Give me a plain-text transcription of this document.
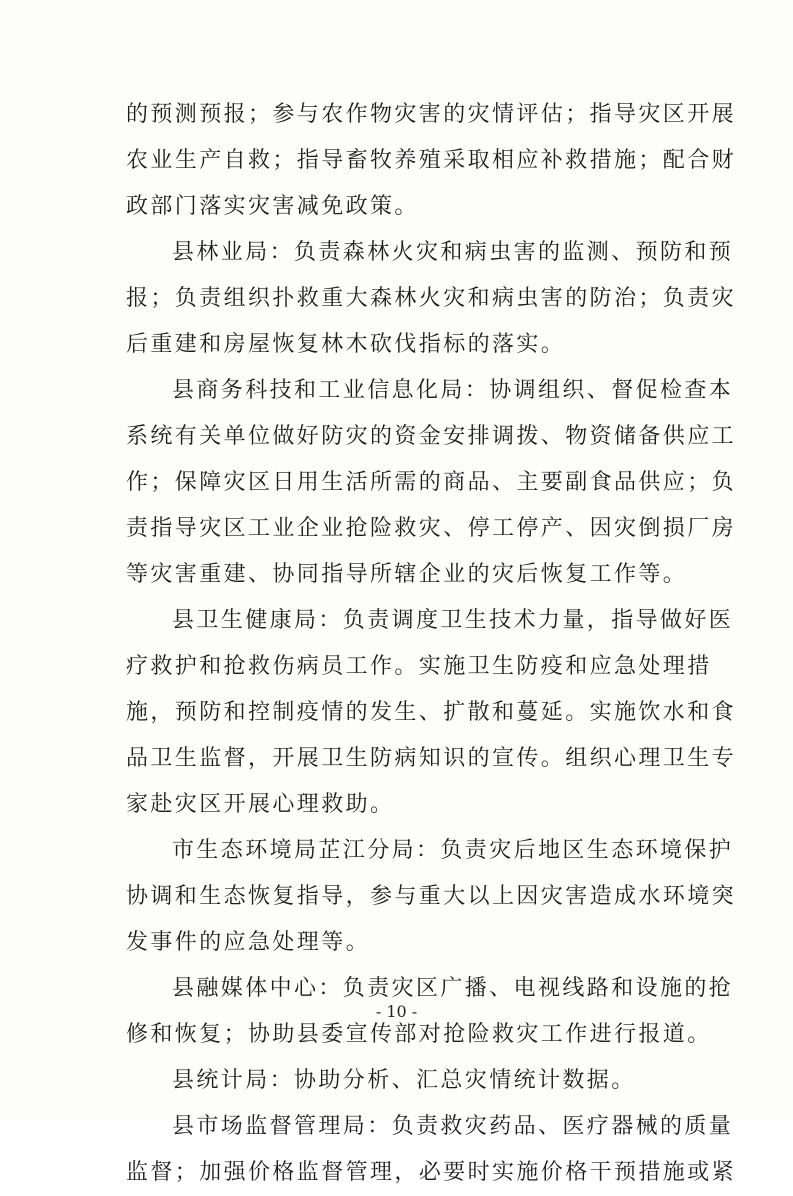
的预测预报；参与农作物灾害的灾情评估；指导灾区开展
农业生产自救；指导畜牧养殖采取相应补救措施；配合财
政部门落实灾害减免政策。
县林业局：负责森林火灾和病虫害的监测、预防和预
报；负责组织扑救重大森林火灾和病虫害的防治；负责灾
后重建和房屋恢复林木砍伐指标的落实。
县商务科技和工业信息化局：协调组织、督促检查本
系统有关单位做好防灾的资金安排调拨、物资储备供应工
作；保障灾区日用生活所需的商品、主要副食品供应；负
责指导灾区工业企业抢险救灾、停工停产、因灾倒损厂房
等灾害重建、协同指导所辖企业的灾后恢复工作等。
县卫生健康局：负责调度卫生技术力量，指导做好医
疗救护和抢救伤病员工作。实施卫生防疫和应急处理措
施，预防和控制疫情的发生、扩散和蔓延。实施饮水和食
品卫生监督，开展卫生防病知识的宣传。组织心理卫生专
家赴灾区开展心理救助。
市生态环境局芷江分局：负责灾后地区生态环境保护
协调和生态恢复指导，参与重大以上因灾害造成水环境突
发事件的应急处理等。
县融媒体中心：负责灾区广播、电视线路和设施的抢
修和恢复；协助县委宣传部对抢险救灾工作进行报道。
县统计局：协助分析、汇总灾情统计数据。
县市场监督管理局：负责救灾药品、医疗器械的质量
监督；加强价格监督管理，必要时实施价格干预措施或紧
- 10 -
